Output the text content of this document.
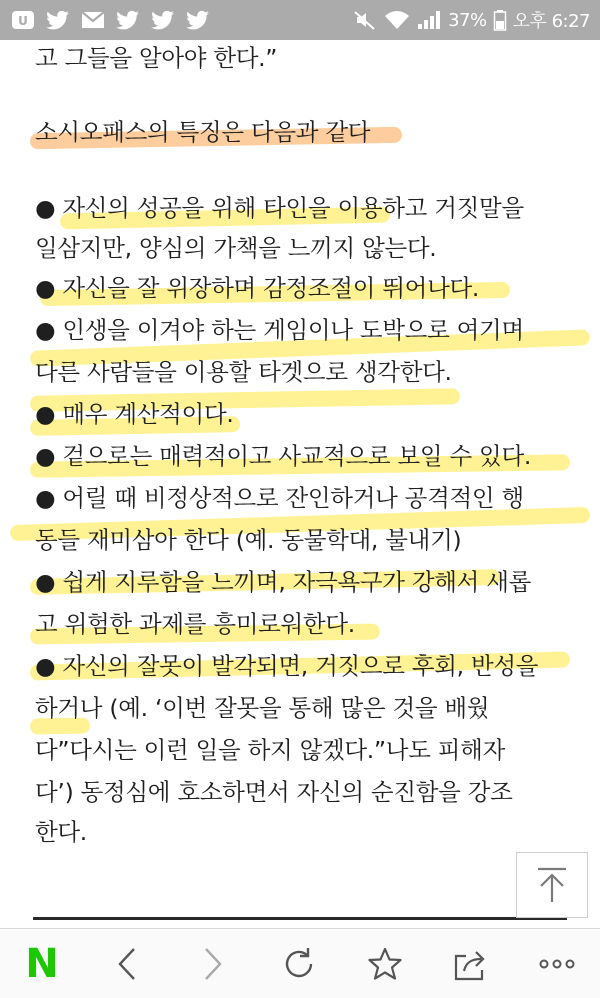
U	37% 오후 6:27
고 그들을 알아야 한다.”
소시오패스의 특징은 다음과 같다
● 자신의 성공을 위해 타인을 이용하고 거짓말을
일삼지만, 양심의 가책을 느끼지 않는다.
● 자신을 잘 위장하며 감정조절이 뛰어나다.
● 인생을 이겨야 하는 게임이나 도박으로 여기며
다른 사람들을 이용할 타겟으로 생각한다.
● 매우 계산적이다.
● 겉으로는 매력적이고 사교적으로 보일 수 있다.
● 어릴 때 비정상적으로 잔인하거나 공격적인 행
동들 재미삼아 한다 (예. 동물학대, 불내기)
● 쉽게 지루함을 느끼며, 자극욕구가 강해서 새롭
고 위험한 과제를 흥미로워한다.
● 자신의 잘못이 발각되면, 거짓으로 후회, 반성을
하거나 (예. ‘이번 잘못을 통해 많은 것을 배웠
다”다시는 이런 일을 하지 않겠다.”나도 피해자
다’) 동정심에 호소하면서 자신의 순진함을 강조
한다.
N
